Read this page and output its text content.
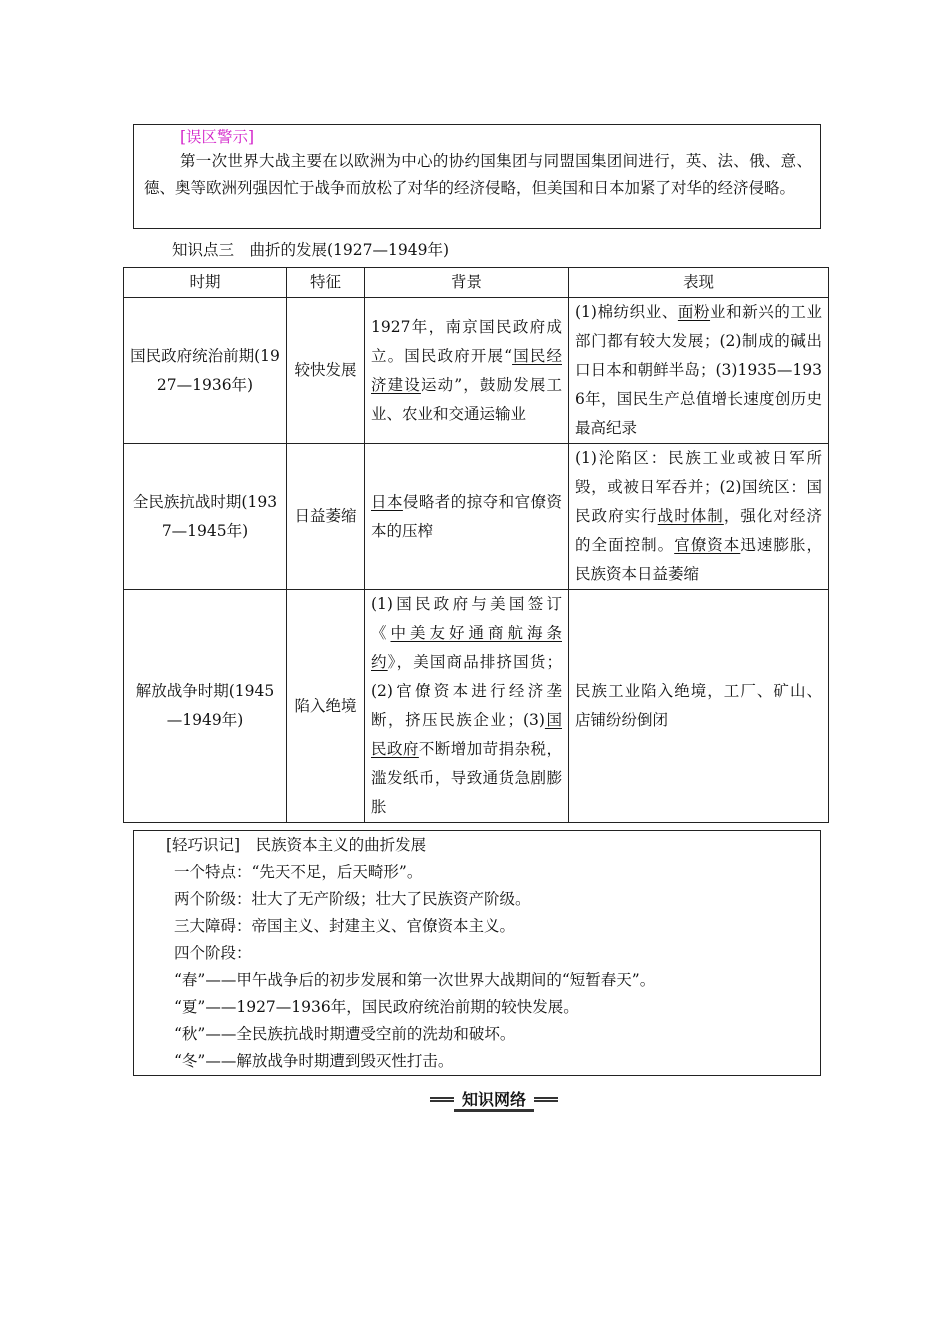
[误区警示]
第一次世界大战主要在以欧洲为中心的协约国集团与同盟国集团间进行，英、法、俄、意、德、奥等欧洲列强因忙于战争而放松了对华的经济侵略，但美国和日本加紧了对华的经济侵略。
知识点三　曲折的发展(1927—1949年)
时期	特征	背景	表现
国民政府统治前期(1927—1936年)	较快发展	1927年，南京国民政府成立。国民政府开展“国民经济建设运动”，鼓励发展工业、农业和交通运输业	(1)棉纺织业、面粉业和新兴的工业部门都有较大发展；(2)制成的碱出口日本和朝鲜半岛；(3)1935—1936年，国民生产总值增长速度创历史最高纪录
全民族抗战时期(1937—1945年)	日益萎缩	日本侵略者的掠夺和官僚资本的压榨	(1)沦陷区：民族工业或被日军所毁，或被日军吞并；(2)国统区：国民政府实行战时体制，强化对经济的全面控制。官僚资本迅速膨胀，民族资本日益萎缩
解放战争时期(1945—1949年)	陷入绝境	(1)国民政府与美国签订《中美友好通商航海条约》，美国商品排挤国货；(2)官僚资本进行经济垄断，挤压民族企业；(3)国民政府不断增加苛捐杂税，滥发纸币，导致通货急剧膨胀	民族工业陷入绝境，工厂、矿山、店铺纷纷倒闭
[轻巧识记]　民族资本主义的曲折发展
一个特点：“先天不足，后天畸形”。
两个阶级：壮大了无产阶级；壮大了民族资产阶级。
三大障碍：帝国主义、封建主义、官僚资本主义。
四个阶段：
“春”——甲午战争后的初步发展和第一次世界大战期间的“短暂春天”。
“夏”——1927—1936年，国民政府统治前期的较快发展。
“秋”——全民族抗战时期遭受空前的洗劫和破坏。
“冬”——解放战争时期遭到毁灭性打击。
知识网络
